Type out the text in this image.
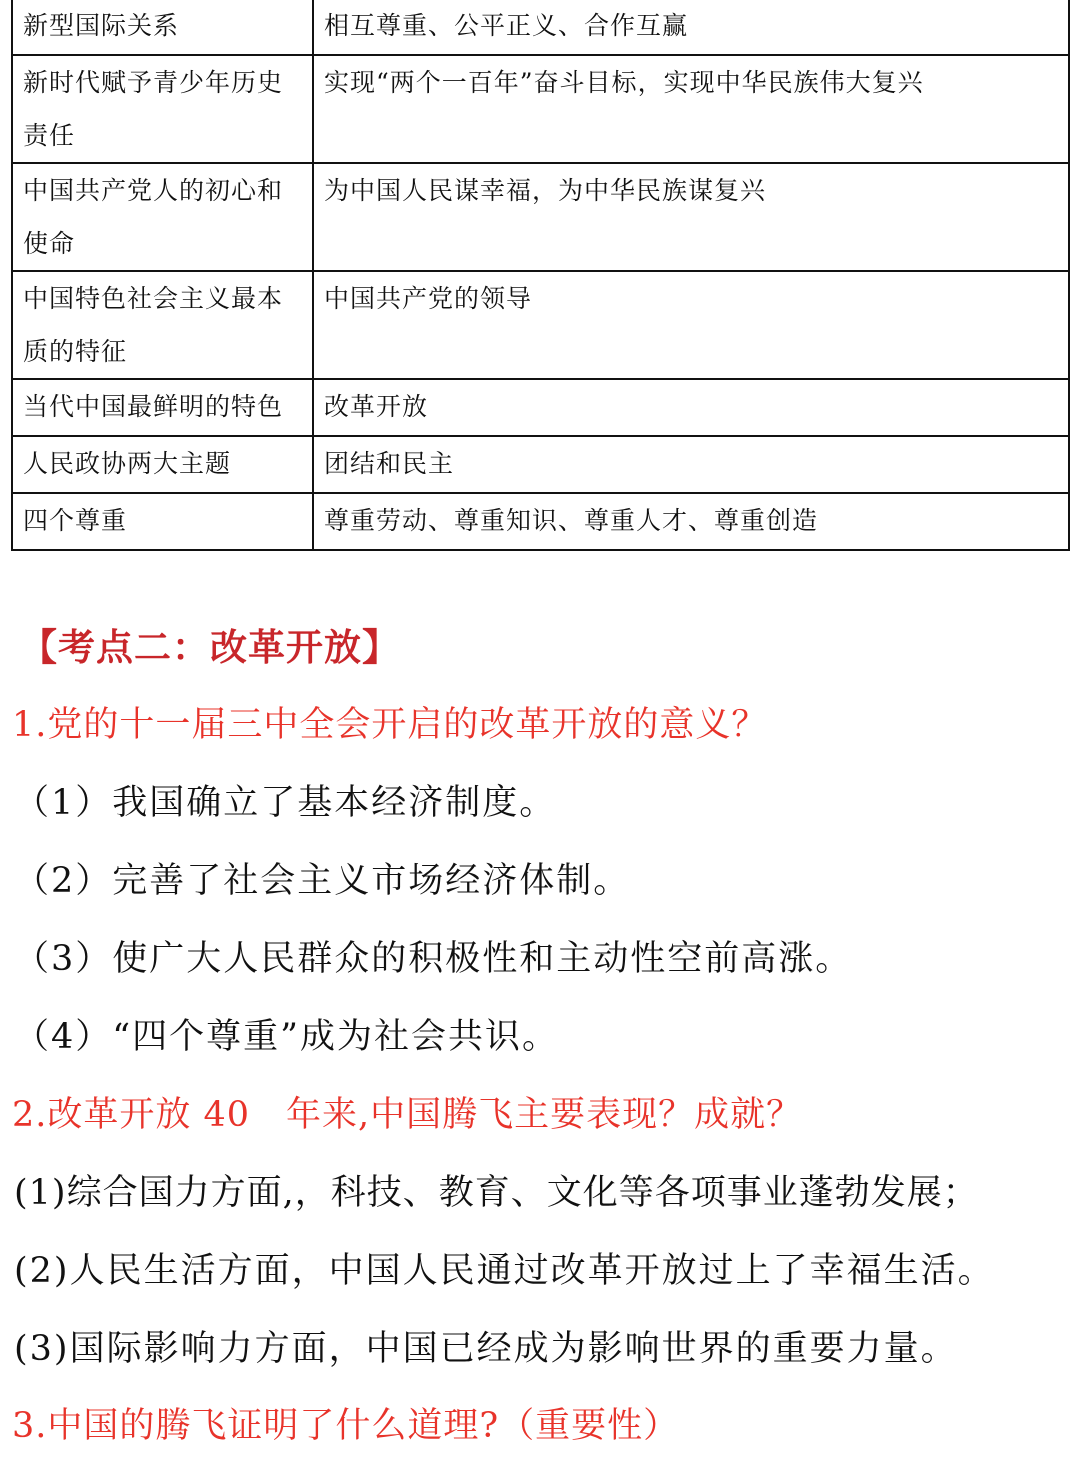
新型国际关系	相互尊重、公平正义、合作互赢
新时代赋予青少年历史责任	实现“两个一百年”奋斗目标，实现中华民族伟大复兴
中国共产党人的初心和使命	为中国人民谋幸福，为中华民族谋复兴
中国特色社会主义最本质的特征	中国共产党的领导
当代中国最鲜明的特色	改革开放
人民政协两大主题	团结和民主
四个尊重	尊重劳动、尊重知识、尊重人才、尊重创造
【考点二：改革开放】
1.党的十一届三中全会开启的改革开放的意义？
（1）我国确立了基本经济制度。
（2）完善了社会主义市场经济体制。
（3）使广大人民群众的积极性和主动性空前高涨。
（4）“四个尊重”成为社会共识。
2.改革开放 40　年来,中国腾飞主要表现？成就？
(1)综合国力方面,，科技、教育、文化等各项事业蓬勃发展；
(2)人民生活方面，中国人民通过改革开放过上了幸福生活。
(3)国际影响力方面，中国已经成为影响世界的重要力量。
3.中国的腾飞证明了什么道理?（重要性）
